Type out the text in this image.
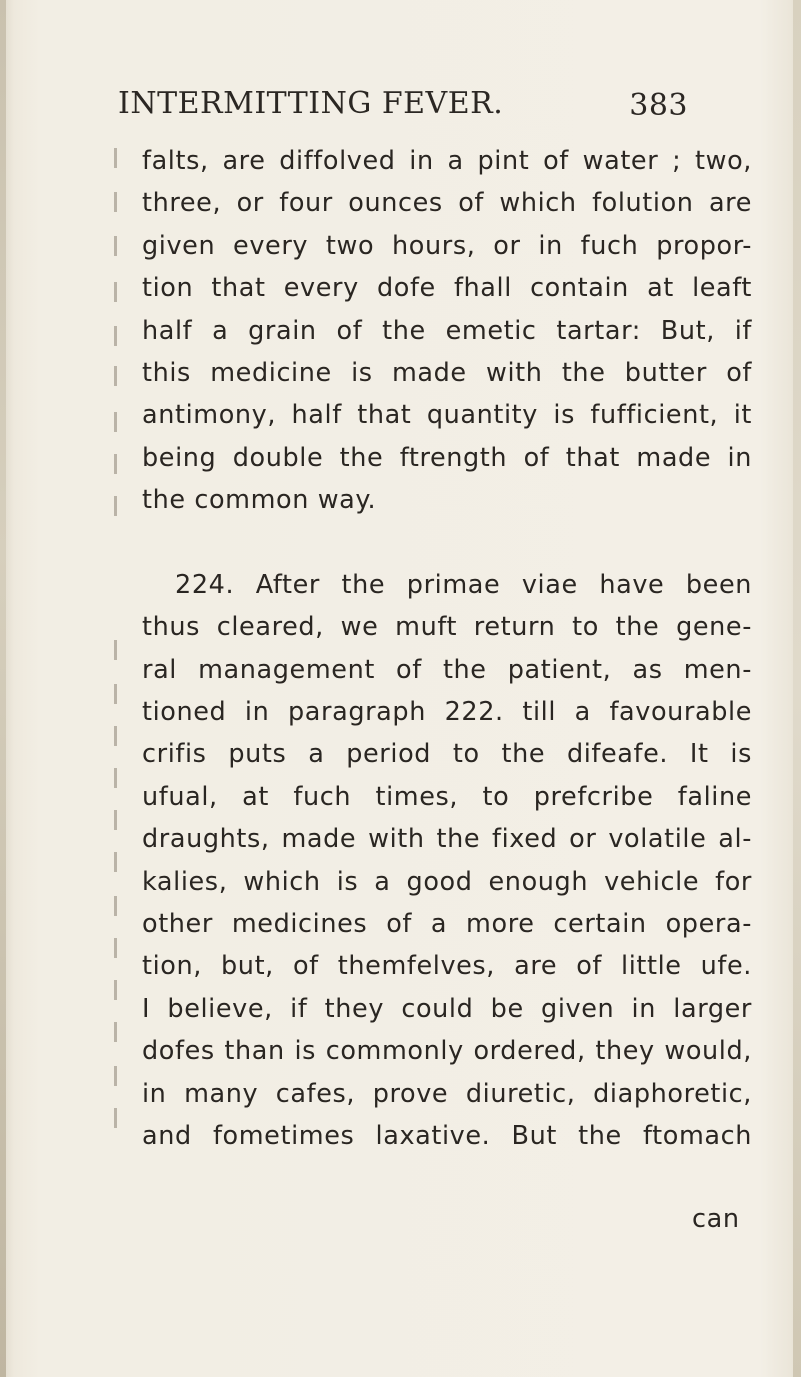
INTERMITTING FEVER.	383
falts, are diffolved in a pint of water ; two,
three, or four ounces of which folution are
given every two hours, or in fuch propor-
tion that every dofe fhall contain at leaft
half a grain of the emetic tartar: But, if
this medicine is made with the butter of
antimony, half that quantity is fufficient, it
being double the ftrength of that made in
the common way.
224. After the primae viae have been
thus cleared, we muft return to the gene-
ral management of the patient, as men-
tioned in paragraph 222. till a favourable
crifis puts a period to the difeafe. It is
ufual, at fuch times, to prefcribe faline
draughts, made with the fixed or volatile al-
kalies, which is a good enough vehicle for
other medicines of a more certain opera-
tion, but, of themfelves, are of little ufe.
I believe, if they could be given in larger
dofes than is commonly ordered, they would,
in many cafes, prove diuretic, diaphoretic,
and fometimes laxative. But the ftomach
can
